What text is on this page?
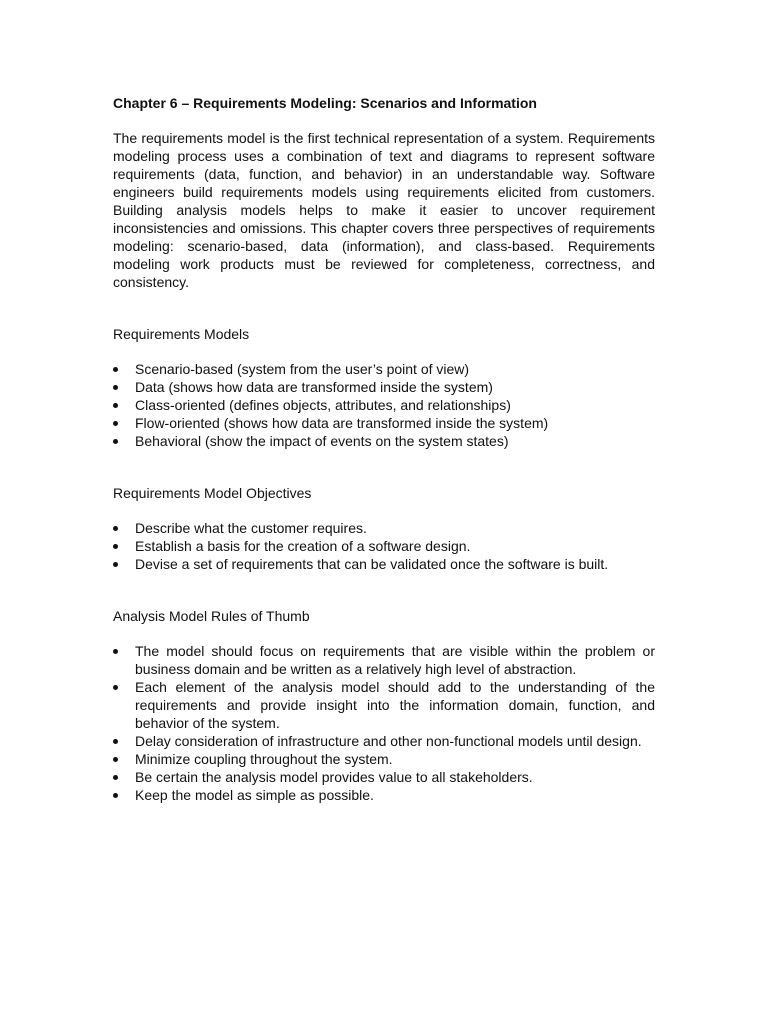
Chapter 6 – Requirements Modeling: Scenarios and Information

The requirements model is the first technical representation of a system. Requirements modeling process uses a combination of text and diagrams to represent software requirements (data, function, and behavior) in an understandable way. Software engineers build requirements models using requirements elicited from customers. Building analysis models helps to make it easier to uncover requirement inconsistencies and omissions. This chapter covers three perspectives of requirements modeling: scenario-based, data (information), and class-based. Requirements modeling work products must be reviewed for completeness, correctness, and consistency.

Requirements Models
Scenario-based (system from the user’s point of view)
Data (shows how data are transformed inside the system)
Class-oriented (defines objects, attributes, and relationships)
Flow-oriented (shows how data are transformed inside the system)
Behavioral (show the impact of events on the system states)
Requirements Model Objectives
Describe what the customer requires.
Establish a basis for the creation of a software design.
Devise a set of requirements that can be validated once the software is built.
Analysis Model Rules of Thumb
The model should focus on requirements that are visible within the problem or business domain and be written as a relatively high level of abstraction.
Each element of the analysis model should add to the understanding of the requirements and provide insight into the information domain, function, and behavior of the system.
Delay consideration of infrastructure and other non-functional models until design.
Minimize coupling throughout the system.
Be certain the analysis model provides value to all stakeholders.
Keep the model as simple as possible.
